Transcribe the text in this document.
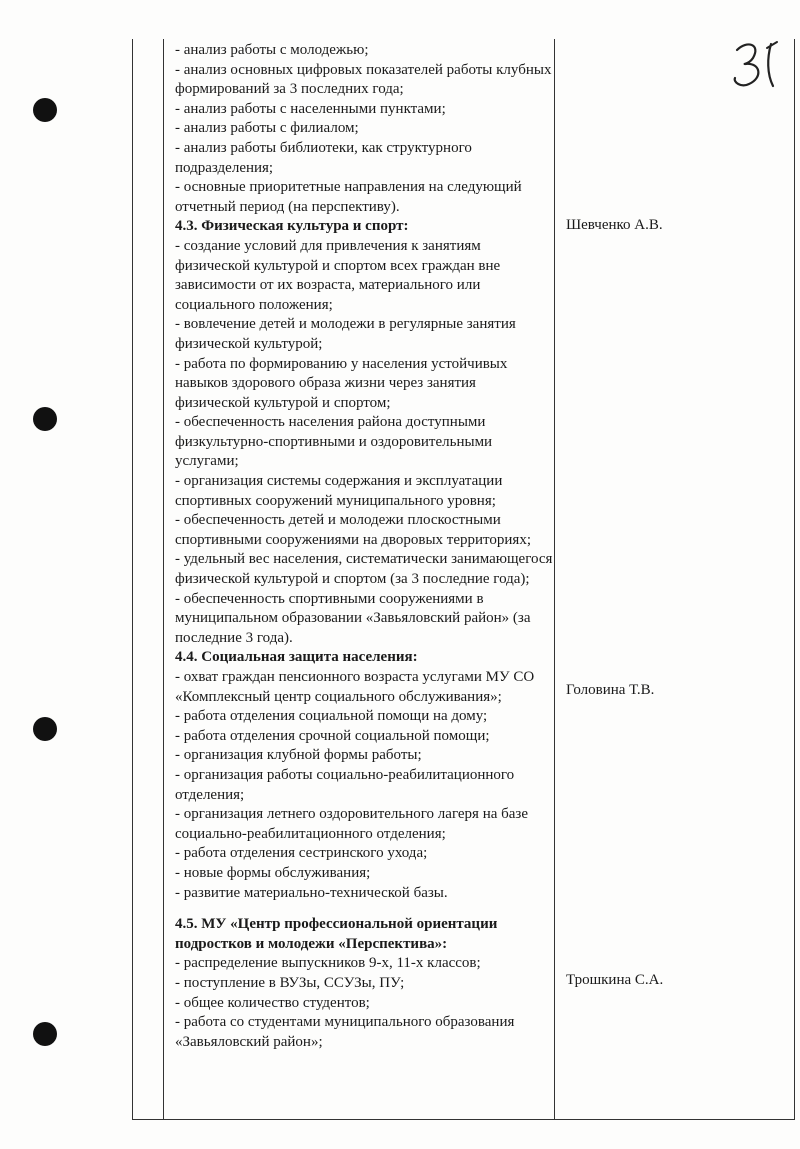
- анализ работы с молодежью;

- анализ основных цифровых показателей работы клубных формирований за 3 последних года;

- анализ работы с населенными пунктами;

- анализ работы с филиалом;

- анализ работы библиотеки, как структурного подразделения;

- основные приоритетные направления на следующий отчетный период (на перспективу).

4.3. Физическая культура и спорт:

- создание условий для привлечения к занятиям физической культурой и спортом всех граждан вне зависимости от их возраста, материального или социального положения;

- вовлечение детей и молодежи в регулярные занятия физической культурой;

- работа по формированию у населения устойчивых навыков здорового образа жизни через занятия физической культурой и спортом;

- обеспеченность населения района доступными физкультурно-спортивными и оздоровительными услугами;

- организация системы содержания и эксплуатации спортивных сооружений муниципального уровня;

- обеспеченность детей и молодежи плоскостными спортивными сооружениями на дворовых территориях;

- удельный вес населения, систематически занимающегося физической культурой и спортом (за 3 последние года);

- обеспеченность спортивными сооружениями в муниципальном образовании «Завьяловский район» (за последние 3 года).

4.4. Социальная защита населения:

- охват граждан пенсионного возраста услугами МУ СО «Комплексный центр социального обслуживания»;

- работа отделения социальной помощи на дому;

- работа отделения срочной социальной помощи;

- организация клубной формы работы;

- организация работы социально-реабилитационного отделения;

- организация летнего оздоровительного лагеря на базе социально-реабилитационного отделения;

- работа отделения сестринского ухода;

- новые формы обслуживания;

- развитие материально-технической базы.

4.5. МУ «Центр профессиональной ориентации подростков и молодежи «Перспектива»:

- распределение выпускников 9-х, 11-х классов;

- поступление в ВУЗы, ССУЗы, ПУ;

- общее количество студентов;

- работа со студентами муниципального образования «Завьяловский район»;

Шевченко А.В.
Головина Т.В.
Трошкина С.А.
